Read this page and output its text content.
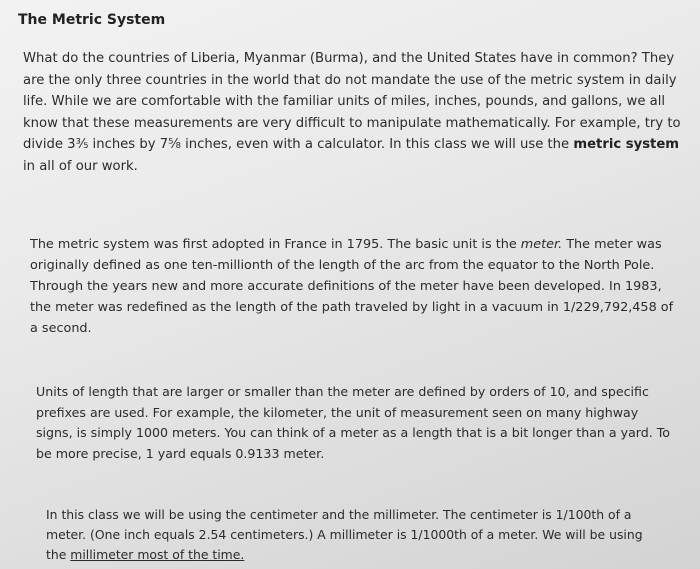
The Metric System

What do the countries of Liberia, Myanmar (Burma), and the United States have in common? They are the only three countries in the world that do not mandate the use of the metric system in daily life. While we are comfortable with the familiar units of miles, inches, pounds, and gallons, we all know that these measurements are very difficult to manipulate mathematically. For example, try to divide 3⅗ inches by 7⅝ inches, even with a calculator. In this class we will use the metric system in all of our work.

The metric system was first adopted in France in 1795. The basic unit is the meter. The meter was originally defined as one ten-millionth of the length of the arc from the equator to the North Pole. Through the years new and more accurate definitions of the meter have been developed. In 1983, the meter was redefined as the length of the path traveled by light in a vacuum in 1/229,792,458 of a second.

Units of length that are larger or smaller than the meter are defined by orders of 10, and specific prefixes are used. For example, the kilometer, the unit of measurement seen on many highway signs, is simply 1000 meters. You can think of a meter as a length that is a bit longer than a yard. To be more precise, 1 yard equals 0.9133 meter.

In this class we will be using the centimeter and the millimeter. The centimeter is 1/100th of a meter. (One inch equals 2.54 centimeters.) A millimeter is 1/1000th of a meter. We will be using the millimeter most of the time.
